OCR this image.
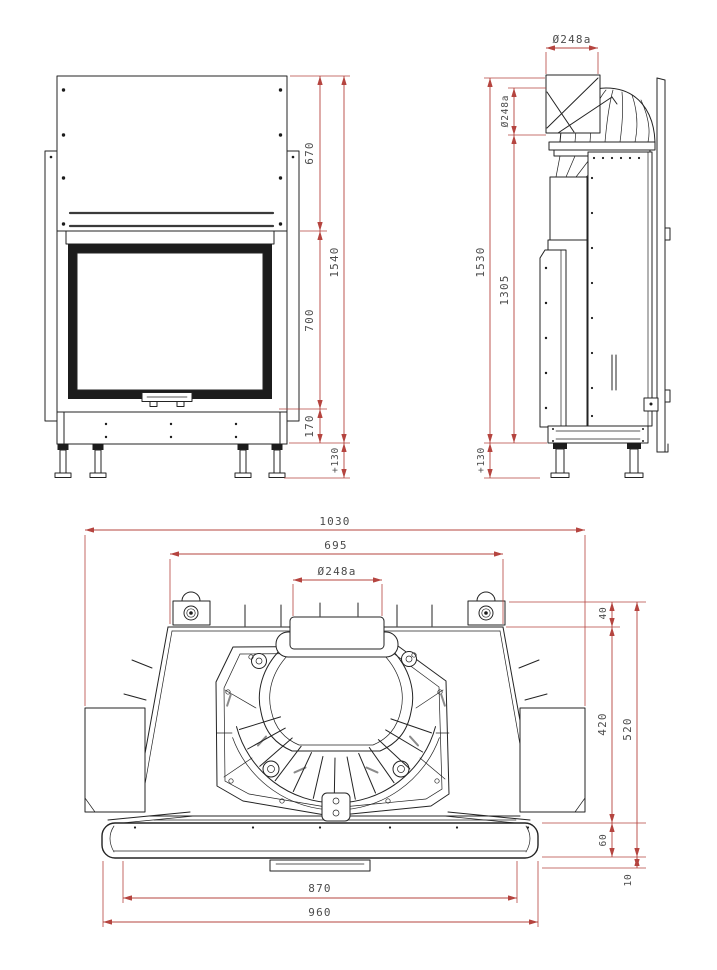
670
700
170
1540
+130
Ø248a
1530
+130
Ø248a
1305
1030
695
Ø248a
40
420
60
520
10
870
960
